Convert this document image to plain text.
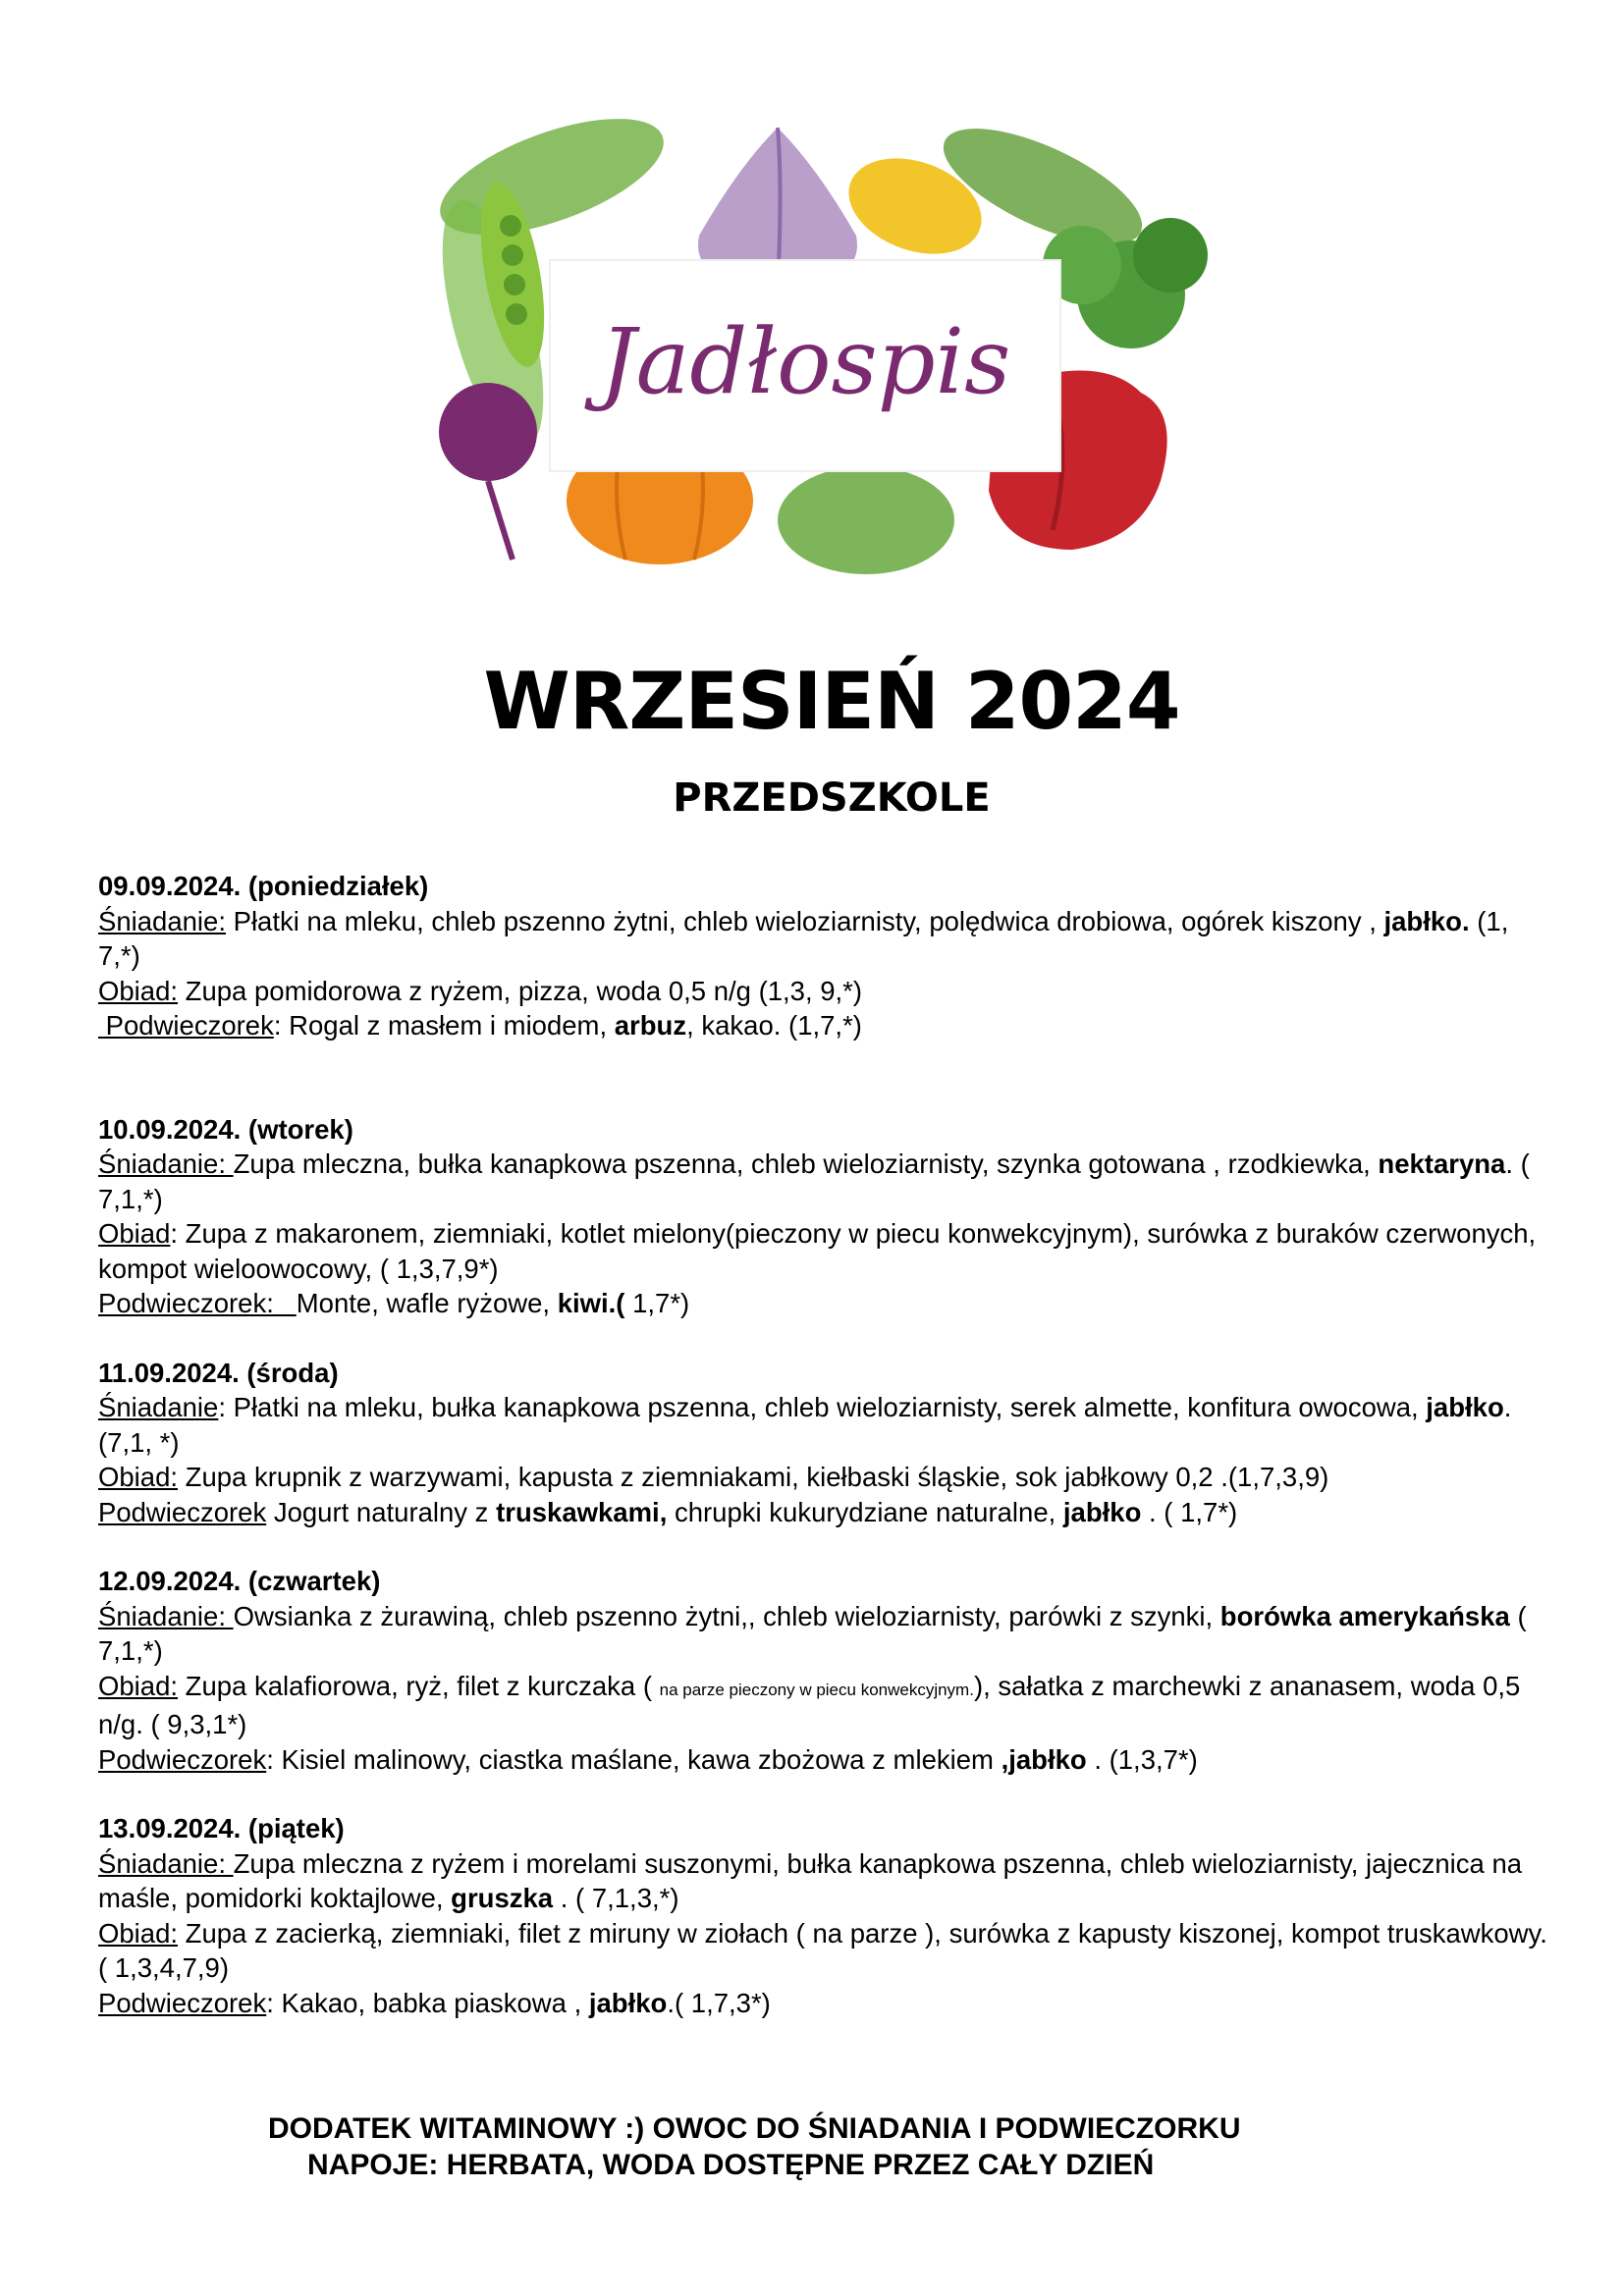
Jadłospis
WRZESIEŃ 2024
PRZEDSZKOLE
09.09.2024. (poniedziałek)
Śniadanie: Płatki na mleku, chleb pszenno żytni, chleb wieloziarnisty, polędwica drobiowa, ogórek kiszony , jabłko. (1, 7,*)
Obiad: Zupa pomidorowa z ryżem, pizza, woda 0,5 n/g (1,3, 9,*)
Podwieczorek: Rogal z masłem i miodem, arbuz, kakao. (1,7,*)
10.09.2024. (wtorek)
Śniadanie: Zupa mleczna, bułka kanapkowa pszenna, chleb wieloziarnisty, szynka gotowana , rzodkiewka, nektaryna. ( 7,1,*)
Obiad: Zupa z makaronem, ziemniaki, kotlet mielony(pieczony w piecu konwekcyjnym), surówka z buraków czerwonych, kompot wieloowocowy, ( 1,3,7,9*)
Podwieczorek:   Monte, wafle ryżowe, kiwi.( 1,7*)
11.09.2024. (środa)
Śniadanie: Płatki na mleku, bułka kanapkowa pszenna, chleb wieloziarnisty, serek almette, konfitura owocowa, jabłko. (7,1, *)
Obiad: Zupa krupnik z warzywami, kapusta z ziemniakami, kiełbaski śląskie, sok jabłkowy 0,2 .(1,7,3,9)
Podwieczorek Jogurt naturalny z truskawkami, chrupki kukurydziane naturalne, jabłko . ( 1,7*)
12.09.2024. (czwartek)
Śniadanie: Owsianka z żurawiną, chleb pszenno żytni,, chleb wieloziarnisty, parówki z szynki, borówka amerykańska ( 7,1,*)
Obiad: Zupa kalafiorowa, ryż, filet z kurczaka ( na parze pieczony w piecu konwekcyjnym.), sałatka z marchewki z ananasem, woda 0,5 n/g. ( 9,3,1*)
Podwieczorek: Kisiel malinowy, ciastka maślane, kawa zbożowa z mlekiem ,jabłko . (1,3,7*)
13.09.2024. (piątek)
Śniadanie: Zupa mleczna z ryżem i morelami suszonymi, bułka kanapkowa pszenna, chleb wieloziarnisty, jajecznica na maśle, pomidorki koktajlowe, gruszka . ( 7,1,3,*)
Obiad: Zupa z zacierką, ziemniaki, filet z miruny w ziołach ( na parze ), surówka z kapusty kiszonej, kompot truskawkowy.( 1,3,4,7,9)
Podwieczorek: Kakao, babka piaskowa , jabłko.( 1,7,3*)
DODATEK WITAMINOWY :) OWOC DO ŚNIADANIA I PODWIECZORKU
NAPOJE: HERBATA, WODA DOSTĘPNE PRZEZ CAŁY DZIEŃ
